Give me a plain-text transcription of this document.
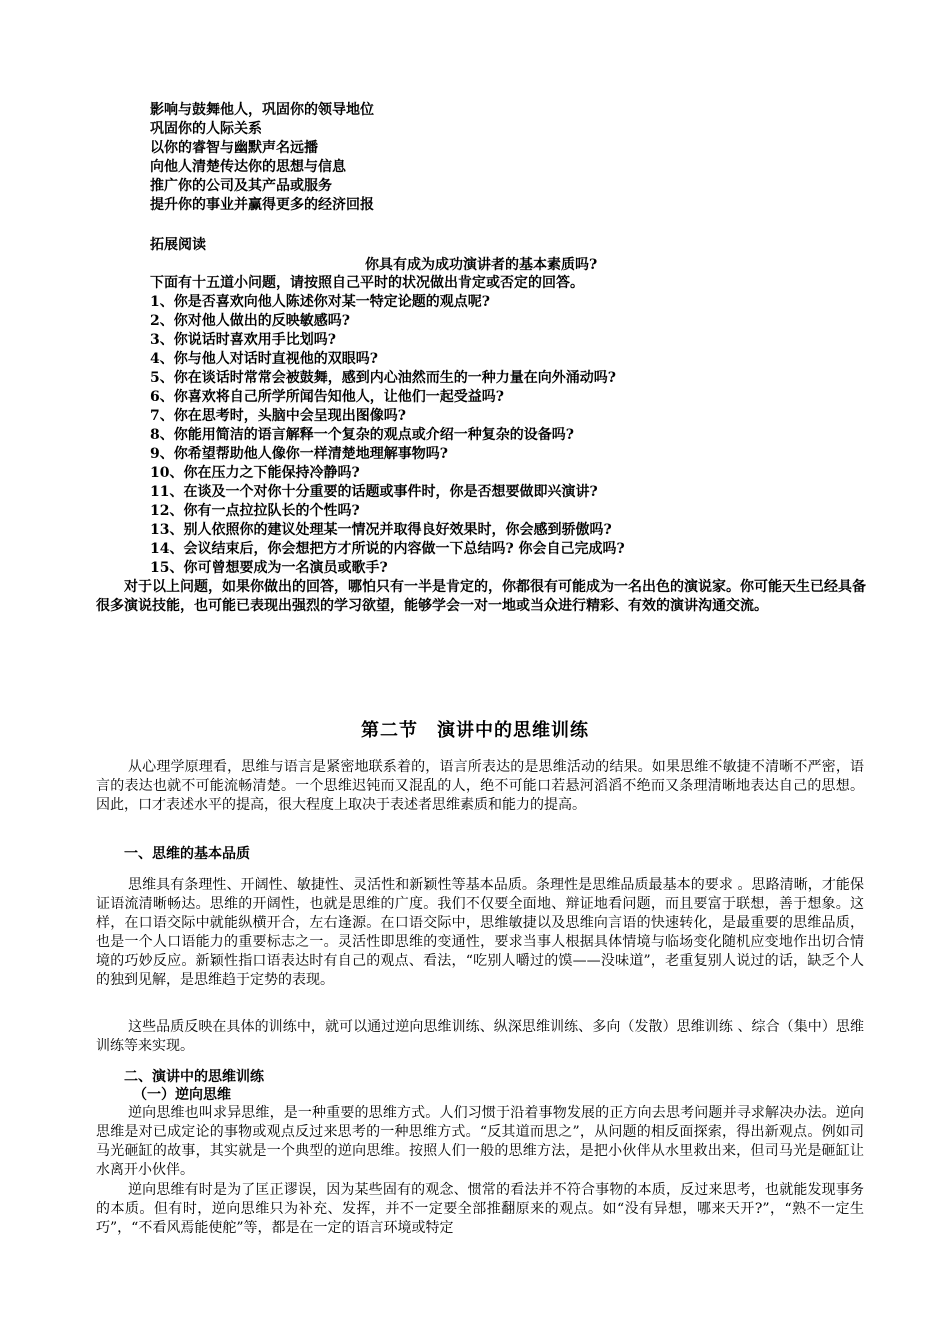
影响与鼓舞他人，巩固你的领导地位
巩固你的人际关系
以你的睿智与幽默声名远播
向他人清楚传达你的思想与信息
推广你的公司及其产品或服务
提升你的事业并赢得更多的经济回报
拓展阅读
你具有成为成功演讲者的基本素质吗?
下面有十五道小问题，请按照自己平时的状况做出肯定或否定的回答。
1、你是否喜欢向他人陈述你对某一特定论题的观点呢?
2、你对他人做出的反映敏感吗?
3、你说话时喜欢用手比划吗?
4、你与他人对话时直视他的双眼吗?
5、你在谈话时常常会被鼓舞，感到内心油然而生的一种力量在向外涌动吗?
6、你喜欢将自己所学所闻告知他人，让他们一起受益吗?
7、你在思考时，头脑中会呈现出图像吗?
8、你能用简洁的语言解释一个复杂的观点或介绍一种复杂的设备吗?
9、你希望帮助他人像你一样清楚地理解事物吗?
10、你在压力之下能保持冷静吗?
11、在谈及一个对你十分重要的话题或事件时，你是否想要做即兴演讲?
12、你有一点拉拉队长的个性吗?
13、别人依照你的建议处理某一情况并取得良好效果时，你会感到骄傲吗?
14、会议结束后，你会想把方才所说的内容做一下总结吗? 你会自己完成吗?
15、你可曾想要成为一名演员或歌手?
对于以上问题，如果你做出的回答，哪怕只有一半是肯定的，你都很有可能成为一名出色的演说家。你可能天生已经具备很多演说技能，也可能已表现出强烈的学习欲望，能够学会一对一地或当众进行精彩、有效的演讲沟通交流。
第二节　演讲中的思维训练
从心理学原理看，思维与语言是紧密地联系着的，语言所表达的是思维活动的结果。如果思维不敏捷不清晰不严密，语言的表达也就不可能流畅清楚。一个思维迟钝而又混乱的人，绝不可能口若悬河滔滔不绝而又条理清晰地表达自己的思想。因此，口才表述水平的提高，很大程度上取决于表述者思维素质和能力的提高。
一、思维的基本品质
思维具有条理性、开阔性、敏捷性、灵活性和新颖性等基本品质。条理性是思维品质最基本的要求 。思路清晰，才能保证语流清晰畅达。思维的开阔性，也就是思维的广度。我们不仅要全面地、辩证地看问题，而且要富于联想，善于想象。这样，在口语交际中就能纵横开合，左右逢源。在口语交际中，思维敏捷以及思维向言语的快速转化，是最重要的思维品质，也是一个人口语能力的重要标志之一。灵活性即思维的变通性，要求当事人根据具体情境与临场变化随机应变地作出切合情境的巧妙反应。新颖性指口语表达时有自己的观点、看法，“吃别人嚼过的馍——没味道”，老重复别人说过的话，缺乏个人的独到见解，是思维趋于定势的表现。
这些品质反映在具体的训练中，就可以通过逆向思维训练、纵深思维训练、多向（发散）思维训练 、综合（集中）思维训练等来实现。
二、演讲中的思维训练
（一）逆向思维
逆向思维也叫求异思维，是一种重要的思维方式。人们习惯于沿着事物发展的正方向去思考问题并寻求解决办法。逆向思维是对已成定论的事物或观点反过来思考的一种思维方式。“反其道而思之”，从问题的相反面探索，得出新观点。例如司马光砸缸的故事，其实就是一个典型的逆向思维。按照人们一般的思维方法，是把小伙伴从水里救出来，但司马光是砸缸让水离开小伙伴。
逆向思维有时是为了匡正谬误，因为某些固有的观念、惯常的看法并不符合事物的本质，反过来思考，也就能发现事务的本质。但有时，逆向思维只为补充、发挥，并不一定要全部推翻原来的观点。如“没有异想，哪来天开?”，“熟不一定生巧”，“不看风焉能使舵”等，都是在一定的语言环境或特定
